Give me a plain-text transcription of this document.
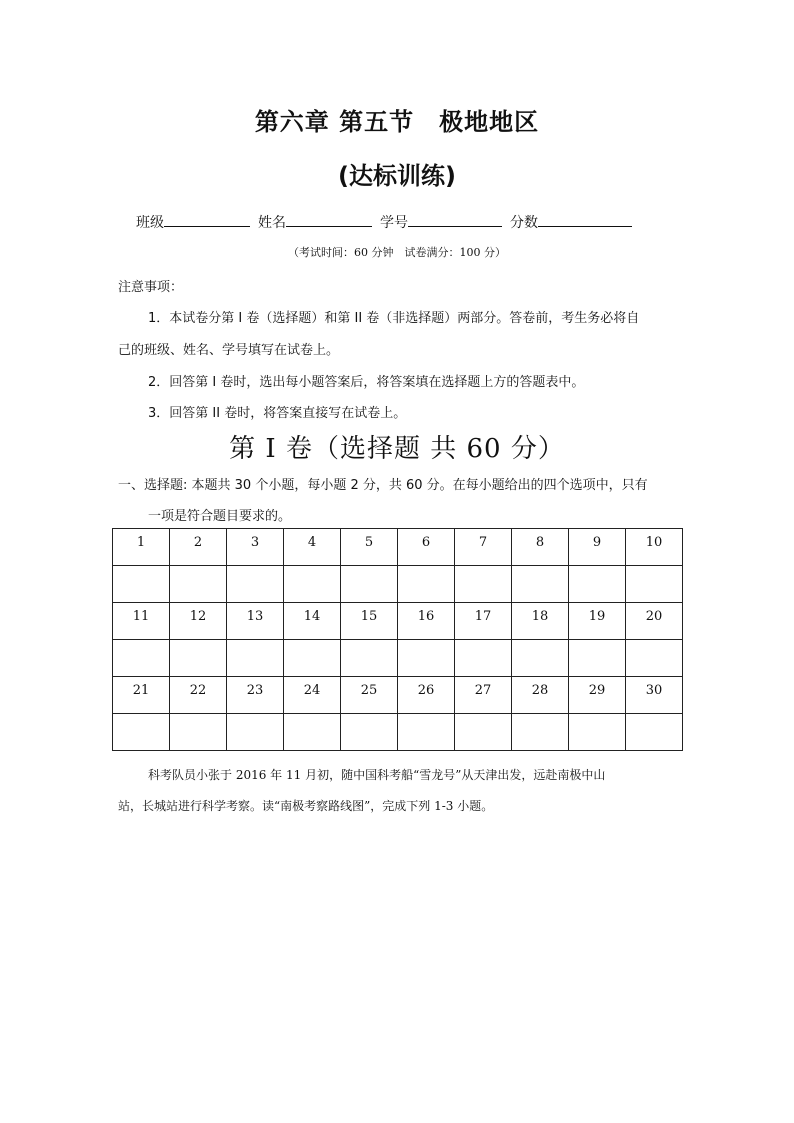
第六章 第五节　极地地区
(达标训练)
班级	姓名	学号	分数
（考试时间：60 分钟　试卷满分：100 分）
注意事项：
1．本试卷分第 I 卷（选择题）和第 II 卷（非选择题）两部分。答卷前，考生务必将自
己的班级、姓名、学号填写在试卷上。
2．回答第 I 卷时，选出每小题答案后，将答案填在选择题上方的答题表中。
3．回答第 II 卷时，将答案直接写在试卷上。
第 I 卷（选择题 共 60 分）
一、选择题: 本题共 30 个小题，每小题 2 分，共 60 分。在每小题给出的四个选项中，只有
一项是符合题目要求的。
1	2	3	4	5	6	7	8	9	10

11	12	13	14	15	16	17	18	19	20

21	22	23	24	25	26	27	28	29	30

科考队员小张于 2016 年 11 月初，随中国科考船“雪龙号”从天津出发，远赴南极中山
站，长城站进行科学考察。读“南极考察路线图”，完成下列 1-3 小题。
